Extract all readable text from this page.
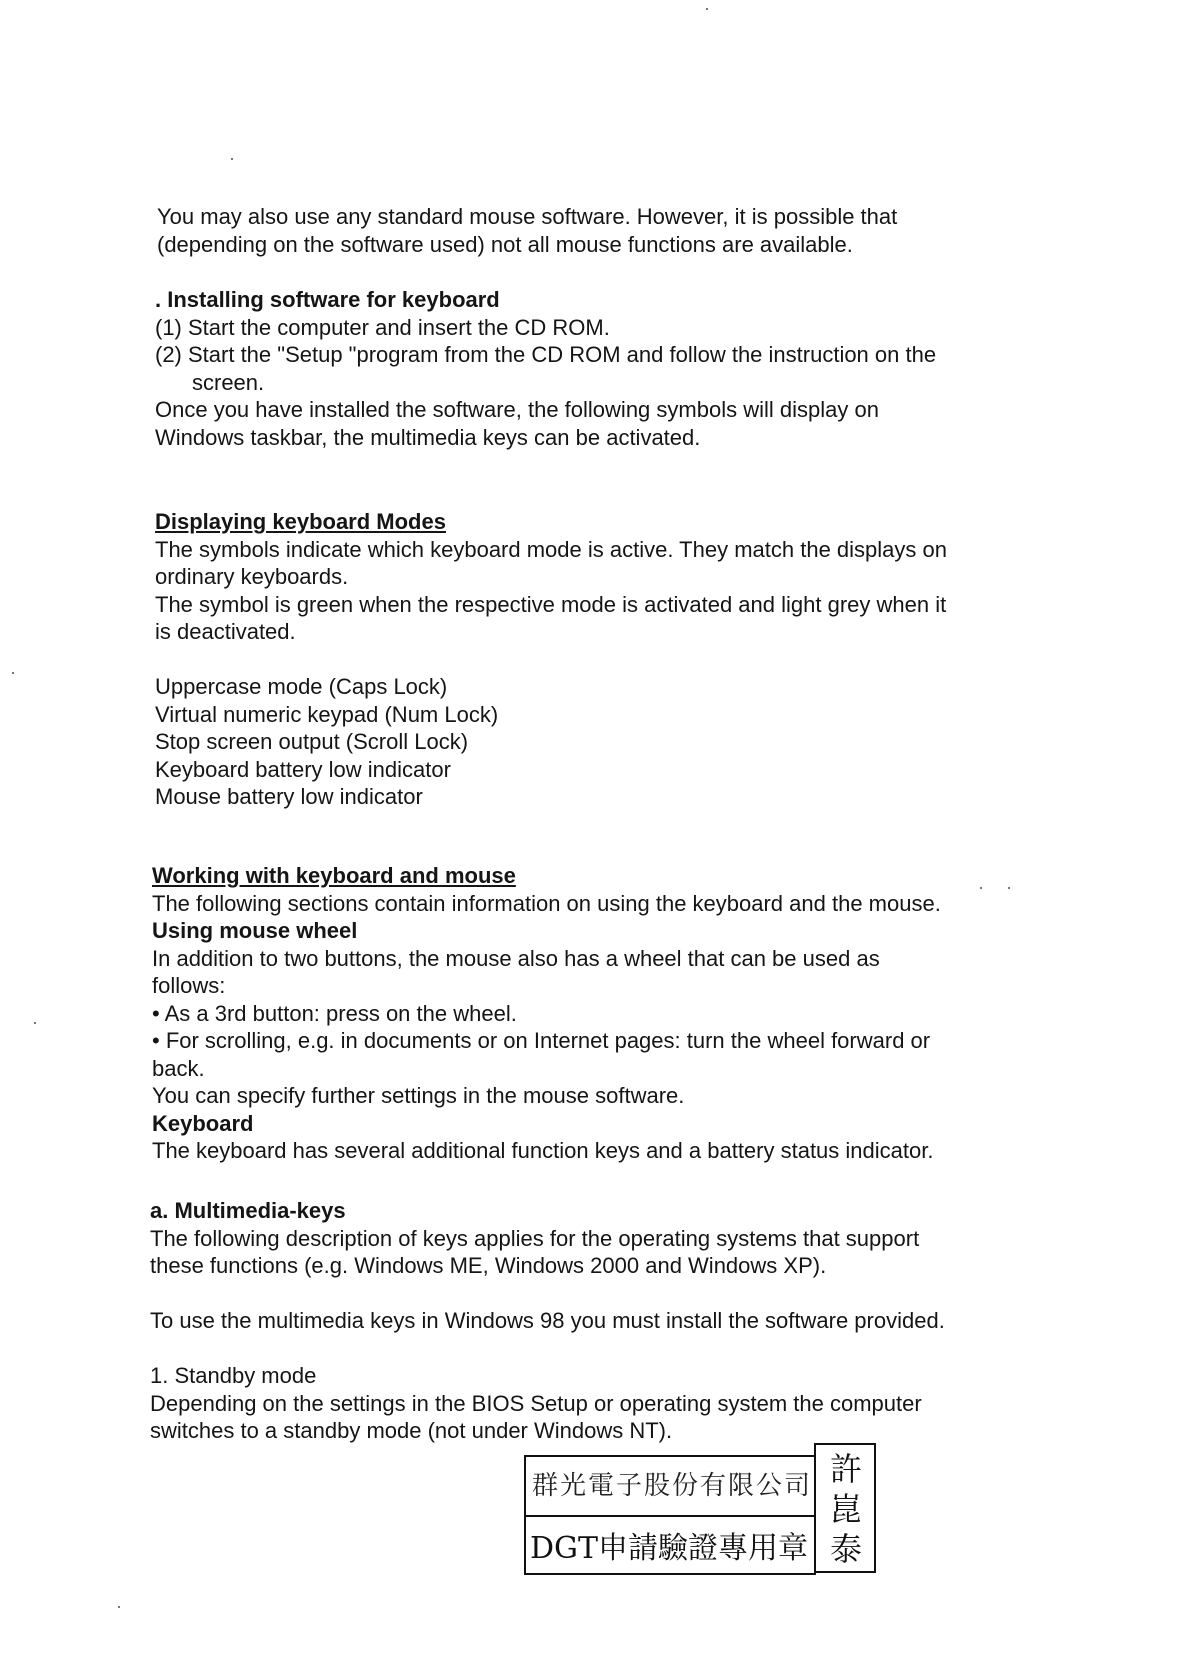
You may also use any standard mouse software. However, it is possible that
(depending on the software used) not all mouse functions are available.
. Installing software for keyboard
(1) Start the computer and insert the CD ROM.
(2) Start the "Setup "program from the CD ROM and follow the instruction on the
screen.
Once you have installed the software, the following symbols will display on
Windows taskbar, the multimedia keys can be activated.
Displaying keyboard Modes
The symbols indicate which keyboard mode is active. They match the displays on
ordinary keyboards.
The symbol is green when the respective mode is activated and light grey when it
is deactivated.
Uppercase mode (Caps Lock)
Virtual numeric keypad (Num Lock)
Stop screen output (Scroll Lock)
Keyboard battery low indicator
Mouse battery low indicator
Working with keyboard and mouse
The following sections contain information on using the keyboard and the mouse.
Using mouse wheel
In addition to two buttons, the mouse also has a wheel that can be used as
follows:
• As a 3rd button: press on the wheel.
• For scrolling, e.g. in documents or on Internet pages: turn the wheel forward or
back.
You can specify further settings in the mouse software.
Keyboard
The keyboard has several additional function keys and a battery status indicator.
a. Multimedia-keys
The following description of keys applies for the operating systems that support
these functions (e.g. Windows ME, Windows 2000 and Windows XP).
To use the multimedia keys in Windows 98 you must install the software provided.
1. Standby mode
Depending on the settings in the BIOS Setup or operating system the computer
switches to a standby mode (not under Windows NT).
群光電子股份有限公司
DGT申請驗證專用章
許
崑
泰
